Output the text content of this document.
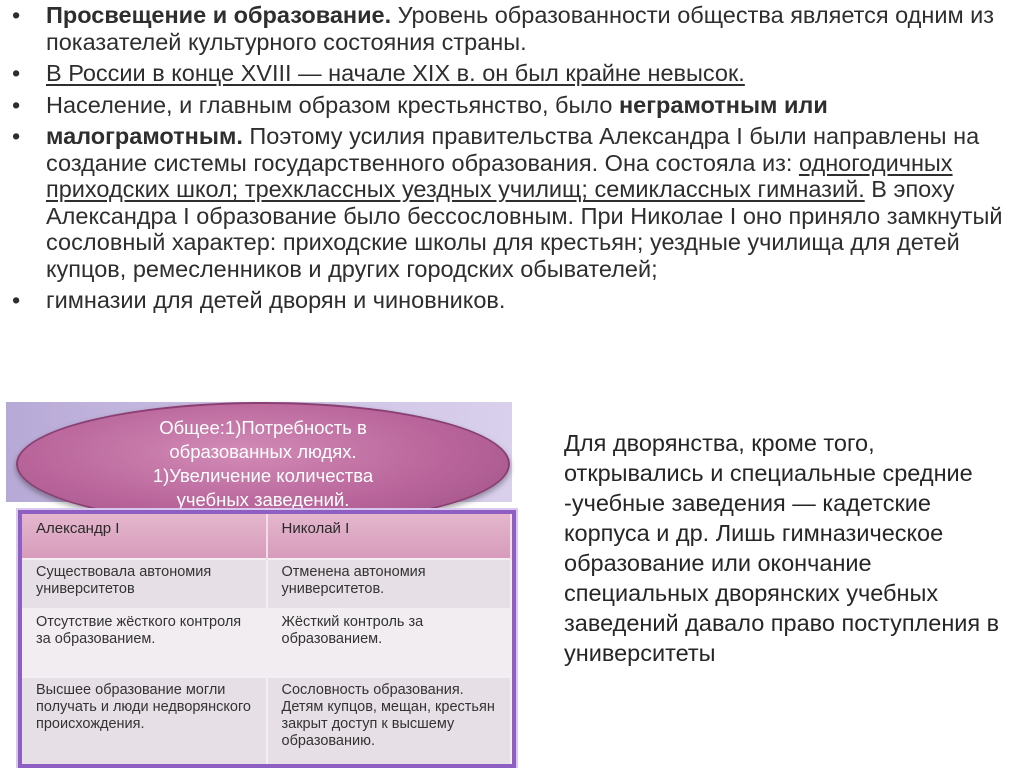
• Просвещение и образование. Уровень образованности общества является одним из показателей культурного состояния страны.
• В России в конце XVIII — начале XIX в. он был крайне невысок.
• Население, и главным образом крестьянство, было неграмотным или
• малограмотным. Поэтому усилия правительства Александра I были направлены на создание системы государственного образования. Она состояла из: одногодичных приходских школ; трехклассных уездных училищ; семиклассных гимназий. В эпоху Александра I образование было бессословным. При Николае I оно приняло замкнутый сословный характер: приходские школы для крестьян; уездные училища для детей купцов, ремесленников и других городских обывателей;
• гимназии для детей дворян и чиновников.
Общее:1)Потребность в
образованных людях.
1)Увеличение количества
учебных заведений.
Александр I	Николай I
Существовала автономия университетов	Отменена автономия университетов.
Отсутствие жёсткого контроля за образованием.	Жёсткий контроль за образованием.
Высшее образование могли получать и люди недворянского происхождения.	Сословность образования. Детям купцов, мещан, крестьян закрыт доступ к высшему образованию.
Для дворянства, кроме того, открывались и специальные средние -учебные заведения — кадетские корпуса и др. Лишь гимназическое образование или окончание специальных дворянских учебных заведений давало право поступления в университеты
